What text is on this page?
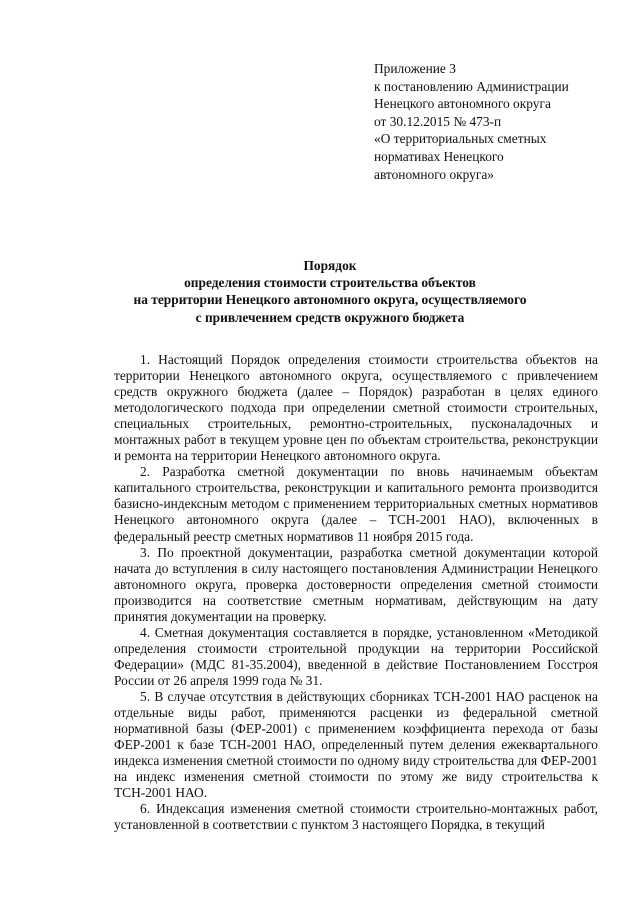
Приложение 3
к постановлению Администрации
Ненецкого автономного округа
от 30.12.2015 № 473-п
«О территориальных сметных
нормативах Ненецкого
автономного округа»
Порядок
определения стоимости строительства объектов
на территории Ненецкого автономного округа, осуществляемого
с привлечением средств окружного бюджета

1. Настоящий Порядок определения стоимости строительства объектов на территории Ненецкого автономного округа, осуществляемого с привлечением средств окружного бюджета (далее – Порядок) разработан в целях единого методологического подхода при определении сметной стоимости строительных, специальных строительных, ремонтно-строительных, пусконаладочных и монтажных работ в текущем уровне цен по объектам строительства, реконструкции и ремонта на территории Ненецкого автономного округа.

2. Разработка сметной документации по вновь начинаемым объектам капитального строительства, реконструкции и капитального ремонта производится базисно-индексным методом с применением территориальных сметных нормативов Ненецкого автономного округа (далее – ТСН-2001 НАО), включенных в федеральный реестр сметных нормативов 11 ноября 2015 года.

3. По проектной документации, разработка сметной документации которой начата до вступления в силу настоящего постановления Администрации Ненецкого автономного округа, проверка достоверности определения сметной стоимости производится на соответствие сметным нормативам, действующим на дату принятия документации на проверку.

4. Сметная документация составляется в порядке, установленном «Методикой определения стоимости строительной продукции на территории Российской Федерации» (МДС 81-35.2004), введенной в действие Постановлением Госстроя России от 26 апреля 1999 года № 31.

5. В случае отсутствия в действующих сборниках ТСН-2001 НАО расценок на отдельные виды работ, применяются расценки из федеральной сметной нормативной базы (ФЕР-2001) с применением коэффициента перехода от базы ФЕР-2001 к базе ТСН-2001 НАО, определенный путем деления ежеквартального индекса изменения сметной стоимости по одному виду строительства для ФЕР-2001 на индекс изменения сметной стоимости по этому же виду строительства к ТСН-2001 НАО.

6. Индексация изменения сметной стоимости строительно-монтажных работ, установленной в соответствии с пунктом 3 настоящего Порядка, в текущий
